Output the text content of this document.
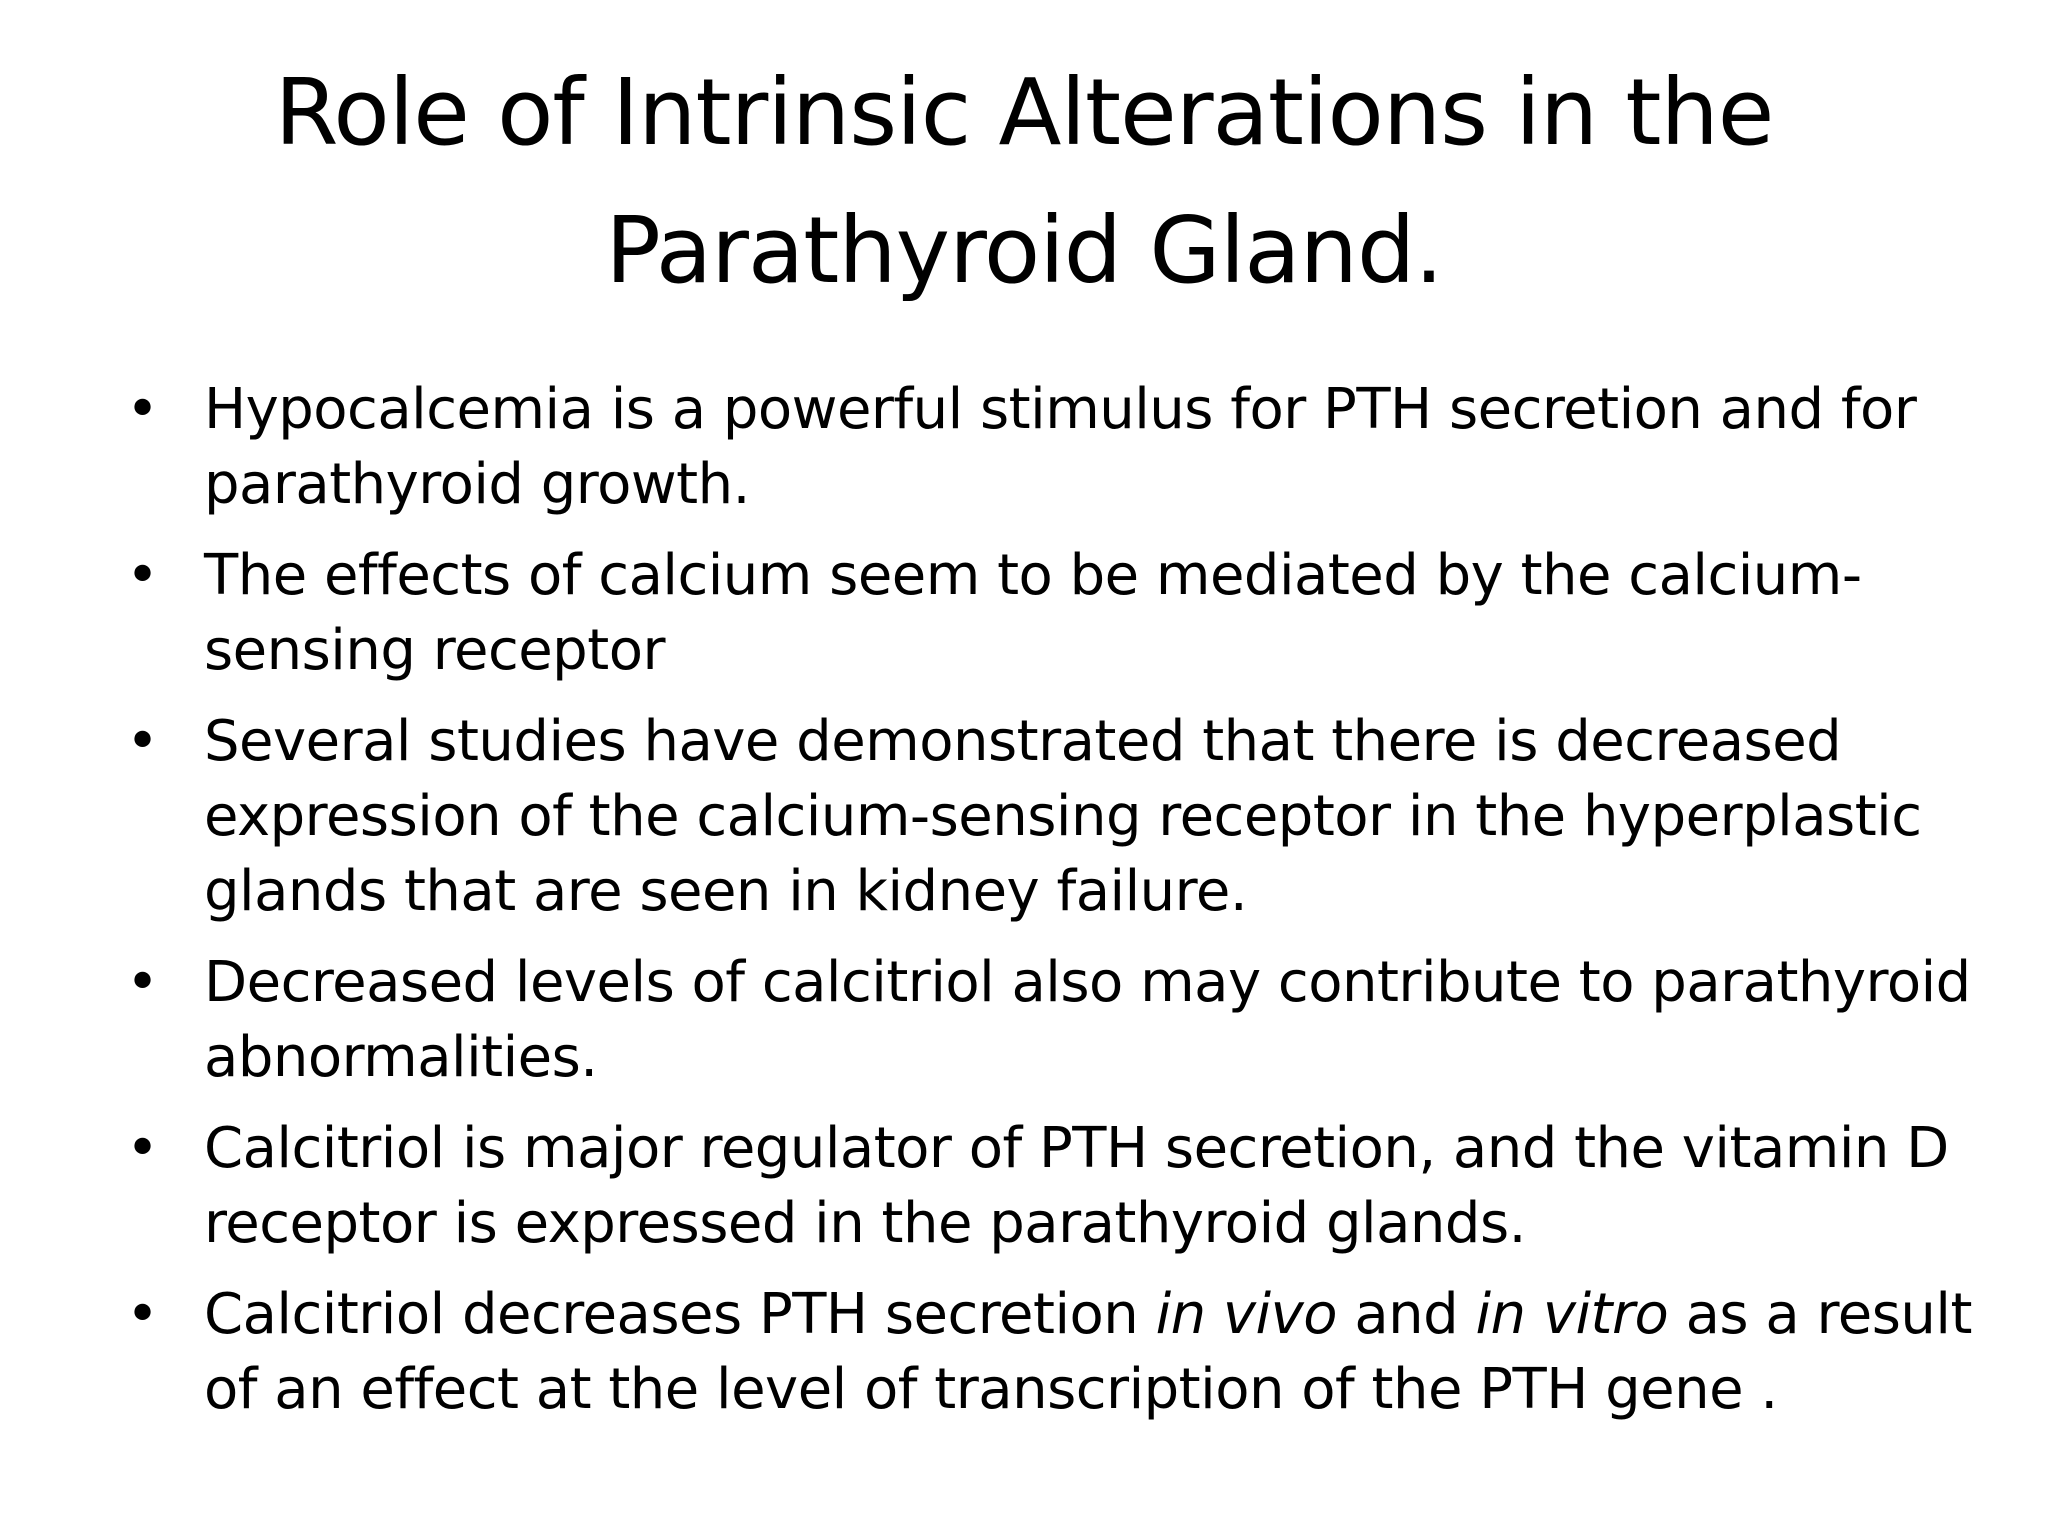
Role of Intrinsic Alterations in the Parathyroid Gland.
• Hypocalcemia is a powerful stimulus for PTH secretion and for parathyroid growth.
• The effects of calcium seem to be mediated by the calcium-sensing receptor
• Several studies have demonstrated that there is decreased expression of the calcium-sensing receptor in the hyperplastic glands that are seen in kidney failure.
• Decreased levels of calcitriol also may contribute to parathyroid abnormalities.
• Calcitriol is major regulator of PTH secretion, and the vitamin D receptor is expressed in the parathyroid glands.
• Calcitriol decreases PTH secretion in vivo and in vitro as a result of an effect at the level of transcription of the PTH gene .
